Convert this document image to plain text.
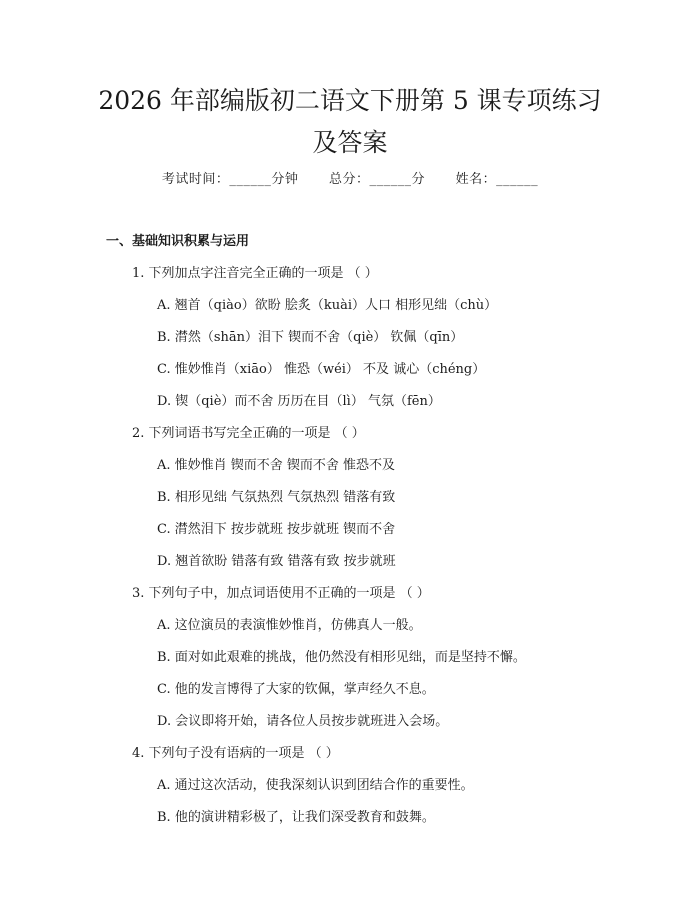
2026 年部编版初二语文下册第 5 课专项练习
及答案
考试时间：______分钟 总分：______分 姓名：______
一、基础知识积累与运用
1. 下列加点字注音完全正确的一项是 （ ）
A. 翘首（qiào）欲盼 脍炙（kuài）人口 相形见绌（chù）
B. 潸然（shān）泪下 锲而不舍（qiè） 钦佩（qīn）
C. 惟妙惟肖（xiāo） 惟恐（wéi） 不及 诚心（chéng）
D. 锲（qiè）而不舍 历历在目（lì） 气氛（fēn）
2. 下列词语书写完全正确的一项是 （ ）
A. 惟妙惟肖 锲而不舍 锲而不舍 惟恐不及
B. 相形见绌 气氛热烈 气氛热烈 错落有致
C. 潸然泪下 按步就班 按步就班 锲而不舍
D. 翘首欲盼 错落有致 错落有致 按步就班
3. 下列句子中，加点词语使用不正确的一项是 （ ）
A. 这位演员的表演惟妙惟肖，仿佛真人一般。
B. 面对如此艰难的挑战，他仍然没有相形见绌，而是坚持不懈。
C. 他的发言博得了大家的钦佩，掌声经久不息。
D. 会议即将开始，请各位人员按步就班进入会场。
4. 下列句子没有语病的一项是 （ ）
A. 通过这次活动，使我深刻认识到团结合作的重要性。
B. 他的演讲精彩极了，让我们深受教育和鼓舞。
